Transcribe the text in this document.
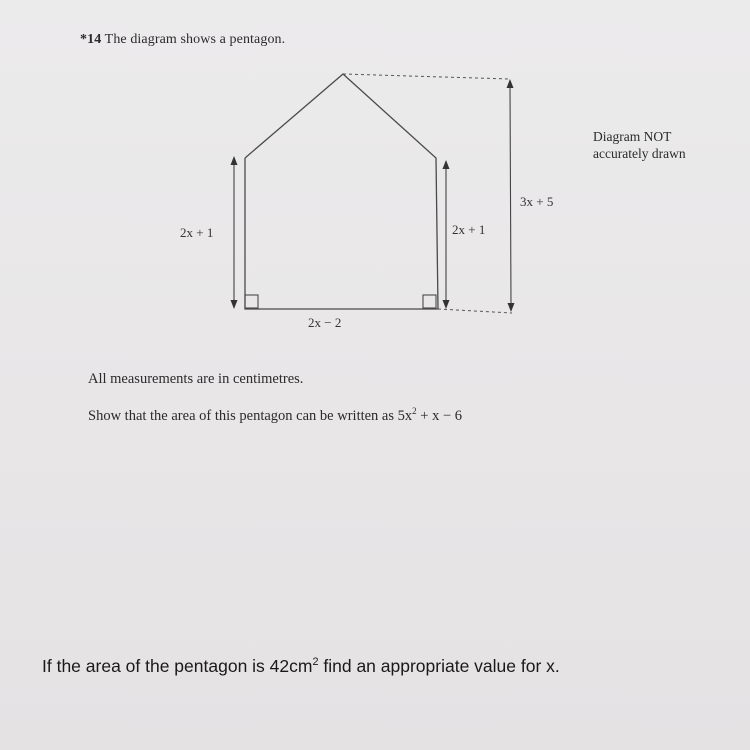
*14 The diagram shows a pentagon.
2x + 1	2x + 1
3x + 5
2x − 2
Diagram NOT
accurately drawn
All measurements are in centimetres.
Show that the area of this pentagon can be written as $5x^2 + x - 6$
If the area of the pentagon is $42cm^2$ find an appropriate value for x.
